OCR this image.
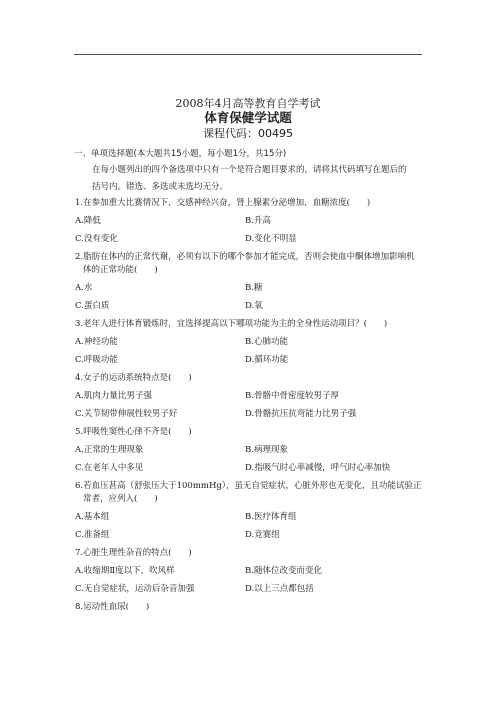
2008年4月高等教育自学考试
体育保健学试题
课程代码：00495
一、单项选择题(本大题共15小题，每小题1分，共15分)
在每小题列出的四个备选项中只有一个是符合题目要求的，请将其代码填写在题后的
括号内。错选、多选或未选均无分。
1.在参加重大比赛情况下，交感神经兴奋，肾上腺素分泌增加，血糖浓度(　　)
A.降低	B.升高
C.没有变化	D.变化不明显
2.脂肪在体内的正常代谢，必须有以下的哪个参加才能完成，否则会使血中酮体增加影响机
体的正常功能(　　)
A.水	B.糖
C.蛋白质	D.氧
3.老年人进行体育锻炼时，宜选择提高以下哪项功能为主的全身性运动项目？(　　)
A.神经功能	B.心肺功能
C.呼吸功能	D.循环功能
4.女子的运动系统特点是(　　)
A.肌肉力量比男子强	B.骨骼中骨密度较男子厚
C.关节韧带伸展性较男子好	D.骨骼抗压抗弯能力比男子强
5.呼吸性窦性心律不齐是(　　)
A.正常的生理现象	B.病理现象
C.在老年人中多见	D.指吸气时心率减慢，呼气时心率加快
6.若血压甚高（舒张压大于100mmHg），虽无自觉症状，心脏外形也无变化，且功能试验正
常者，应列入(　　)
A.基本组	B.医疗体育组
C.准备组	D.竞赛组
7.心脏生理性杂音的特点(　　)
A.收缩期Ⅱ度以下，吹风样	B.随体位改变而变化
C.无自觉症状，运动后杂音加强	D.以上三点都包括
8.运动性血尿(　　)
